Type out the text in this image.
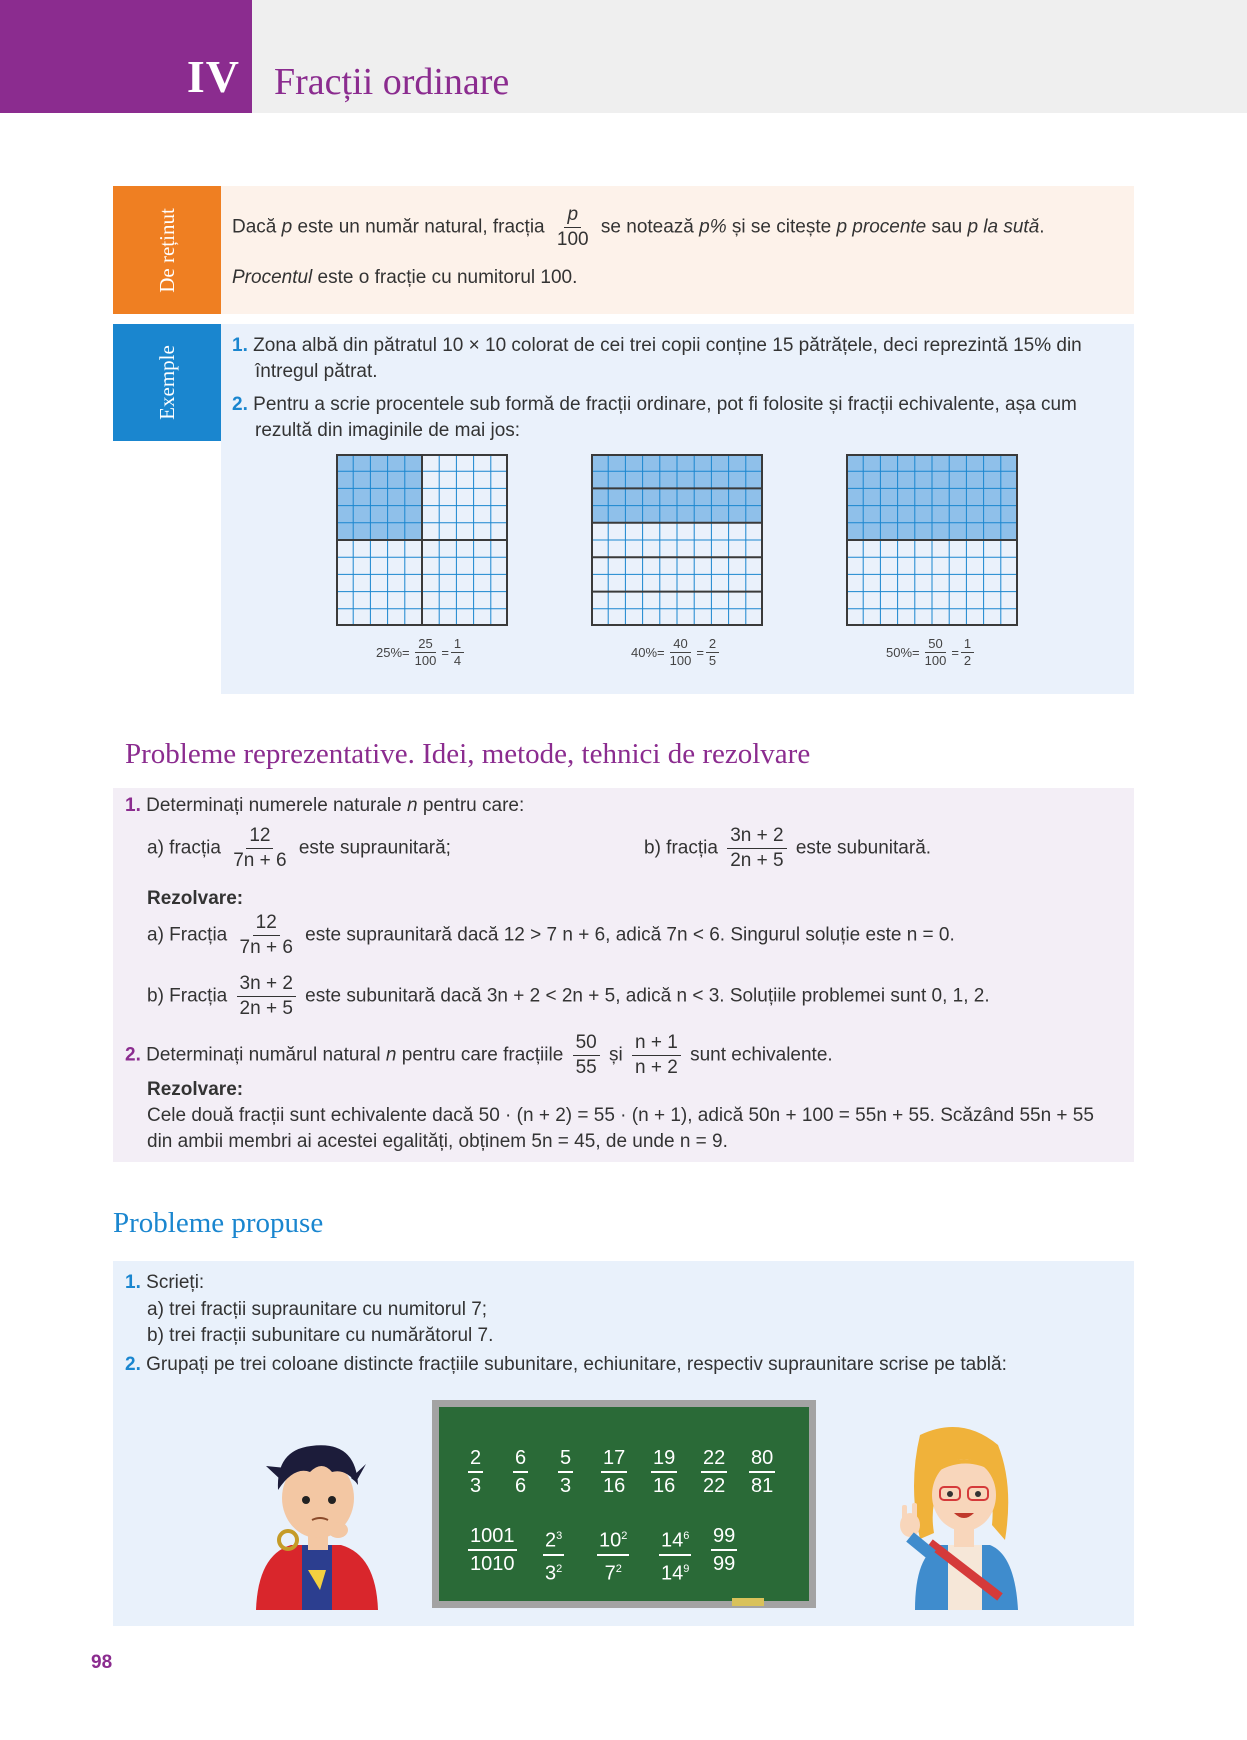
IV Fracții ordinare
De reținut	Dacă p este un număr natural, fracția $\frac{p}{100}$ se notează p% și se citește p procente sau p la sută.
Procentul este o fracție cu numitorul 100.
Exemple	1. Zona albă din pătratul 10 × 10 colorat de cei trei copii conține 15 pătrățele, deci reprezintă 15% din
întregul pătrat.
2. Pentru a scrie procentele sub formă de fracții ordinare, pot fi folosite și fracții echivalente, așa cum
rezultă din imaginile de mai jos:
$25\% = \frac{25}{100} = \frac{1}{4}$	$40\% = \frac{40}{100} = \frac{2}{5}$	$50\% = \frac{50}{100} = \frac{1}{2}$
Probleme reprezentative. Idei, metode, tehnici de rezolvare
1. Determinați numerele naturale n pentru care:
a) fracția $\frac{12}{7n + 6}$ este supraunitară;	b) fracția $\frac{3n + 2}{2n + 5}$ este subunitară.
Rezolvare:
a) Fracția $\frac{12}{7n + 6}$ este supraunitară dacă 12 > 7 n + 6, adică 7n < 6. Singurul soluție este n = 0.
b) Fracția $\frac{3n + 2}{2n + 5}$ este subunitară dacă 3n + 2 < 2n + 5, adică n < 3. Soluțiile problemei sunt 0, 1, 2.
2. Determinați numărul natural n pentru care fracțiile $\frac{50}{55}$ și $\frac{n + 1}{n + 2}$ sunt echivalente.
Rezolvare:
Cele două fracții sunt echivalente dacă 50 · (n + 2) = 55 · (n + 1), adică 50n + 100 = 55n + 55. Scăzând 55n + 55
din ambii membri ai acestei egalități, obținem 5n = 45, de unde n = 9.
Probleme propuse
1. Scrieți:
a) trei fracții supraunitare cu numitorul 7;
b) trei fracții subunitare cu numărătorul 7.
2. Grupați pe trei coloane distincte fracțiile subunitare, echiunitare, respectiv supraunitare scrise pe tablă:
2
3
6
6
5
3
17
16
19
16
22
22
80
81
1001
1010
$2^3$
$3^2$
$10^2$
$7^2$
$14^6$
$14^9$
99
99
98
